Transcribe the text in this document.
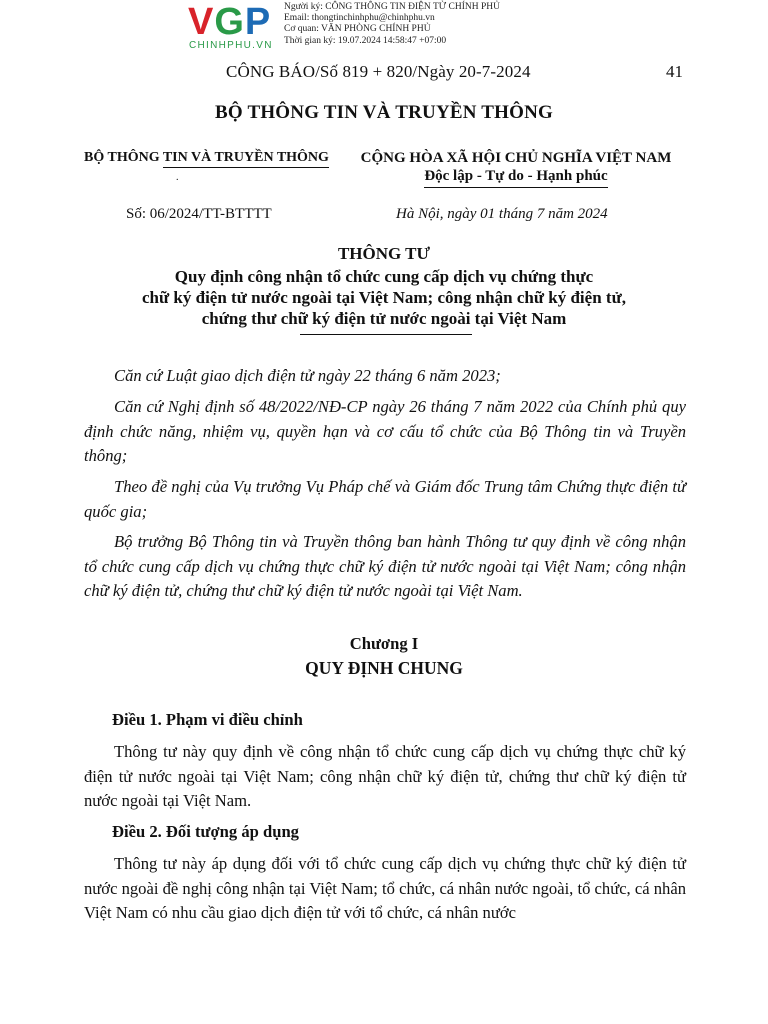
VGP
CHINHPHU.VN
Người ký: CÔNG THÔNG TIN ĐIỆN TỬ CHÍNH PHỦ
Email: thongtinchinhphu@chinhphu.vn
Cơ quan: VĂN PHÒNG CHÍNH PHỦ
Thời gian ký: 19.07.2024 14:58:47 +07:00
CÔNG BÁO/Số 819 + 820/Ngày 20-7-2024	41
BỘ THÔNG TIN VÀ TRUYỀN THÔNG
BỘ THÔNG TIN VÀ TRUYỀN THÔNG
.
CỘNG HÒA XÃ HỘI CHỦ NGHĨA VIỆT NAM
Độc lập - Tự do - Hạnh phúc
Số: 06/2024/TT-BTTTT	Hà Nội, ngày 01 tháng 7 năm 2024
THÔNG TƯ
Quy định công nhận tổ chức cung cấp dịch vụ chứng thực
chữ ký điện tử nước ngoài tại Việt Nam; công nhận chữ ký điện tử,
chứng thư chữ ký điện tử nước ngoài tại Việt Nam
Căn cứ Luật giao dịch điện tử ngày 22 tháng 6 năm 2023;
Căn cứ Nghị định số 48/2022/NĐ-CP ngày 26 tháng 7 năm 2022 của Chính phủ quy định chức năng, nhiệm vụ, quyền hạn và cơ cấu tổ chức của Bộ Thông tin và Truyền thông;
Theo đề nghị của Vụ trưởng Vụ Pháp chế và Giám đốc Trung tâm Chứng thực điện tử quốc gia;
Bộ trưởng Bộ Thông tin và Truyền thông ban hành Thông tư quy định về công nhận tổ chức cung cấp dịch vụ chứng thực chữ ký điện tử nước ngoài tại Việt Nam; công nhận chữ ký điện tử, chứng thư chữ ký điện tử nước ngoài tại Việt Nam.
Chương I
QUY ĐỊNH CHUNG
Điều 1. Phạm vi điều chỉnh
Thông tư này quy định về công nhận tổ chức cung cấp dịch vụ chứng thực chữ ký điện tử nước ngoài tại Việt Nam; công nhận chữ ký điện tử, chứng thư chữ ký điện tử nước ngoài tại Việt Nam.
Điều 2. Đối tượng áp dụng
Thông tư này áp dụng đối với tổ chức cung cấp dịch vụ chứng thực chữ ký điện tử nước ngoài đề nghị công nhận tại Việt Nam; tổ chức, cá nhân nước ngoài, tổ chức, cá nhân Việt Nam có nhu cầu giao dịch điện tử với tổ chức, cá nhân nước
